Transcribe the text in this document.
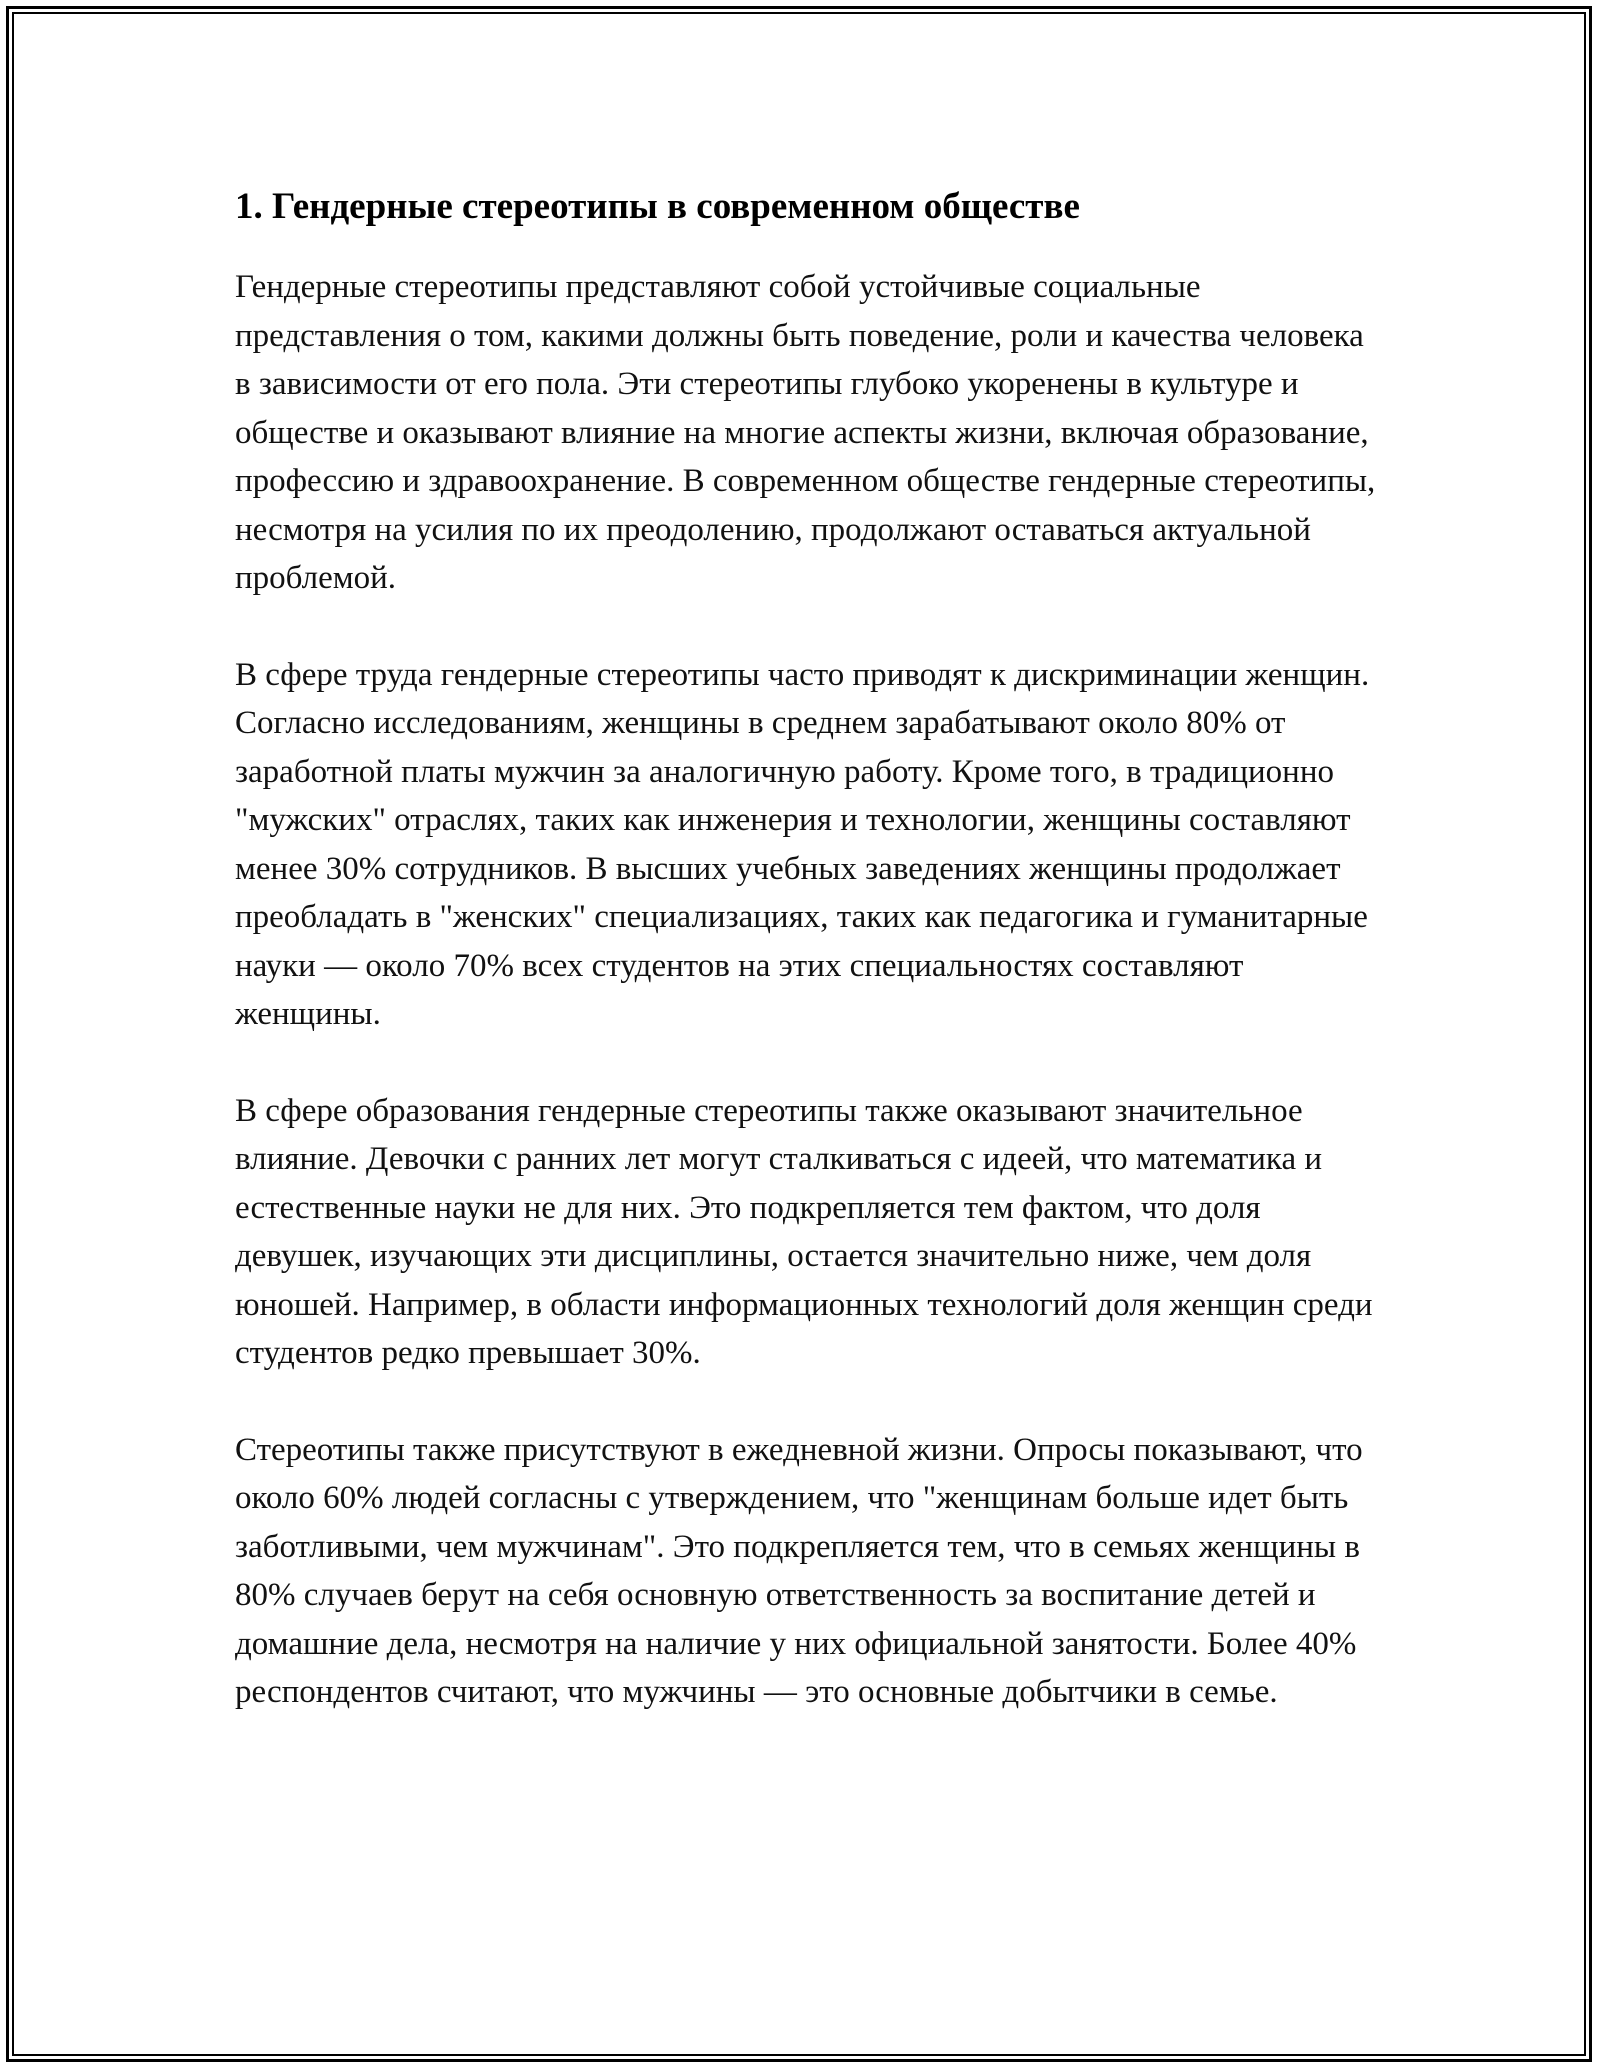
1. Гендерные стереотипы в современном обществе

Гендерные стереотипы представляют собой устойчивые социальные представления о том, какими должны быть поведение, роли и качества человека в зависимости от его пола. Эти стереотипы глубоко укоренены в культуре и обществе и оказывают влияние на многие аспекты жизни, включая образование, профессию и здравоохранение. В современном обществе гендерные стереотипы, несмотря на усилия по их преодолению, продолжают оставаться актуальной проблемой.

В сфере труда гендерные стереотипы часто приводят к дискриминации женщин. Согласно исследованиям, женщины в среднем зарабатывают около 80% от заработной платы мужчин за аналогичную работу. Кроме того, в традиционно "мужских" отраслях, таких как инженерия и технологии, женщины составляют менее 30% сотрудников. В высших учебных заведениях женщины продолжает преобладать в "женских" специализациях, таких как педагогика и гуманитарные науки — около 70% всех студентов на этих специальностях составляют женщины.

В сфере образования гендерные стереотипы также оказывают значительное влияние. Девочки с ранних лет могут сталкиваться с идеей, что математика и естественные науки не для них. Это подкрепляется тем фактом, что доля девушек, изучающих эти дисциплины, остается значительно ниже, чем доля юношей. Например, в области информационных технологий доля женщин среди студентов редко превышает 30%.

Стереотипы также присутствуют в ежедневной жизни. Опросы показывают, что около 60% людей согласны с утверждением, что "женщинам больше идет быть заботливыми, чем мужчинам". Это подкрепляется тем, что в семьях женщины в 80% случаев берут на себя основную ответственность за воспитание детей и домашние дела, несмотря на наличие у них официальной занятости. Более 40% респондентов считают, что мужчины — это основные добытчики в семье.
